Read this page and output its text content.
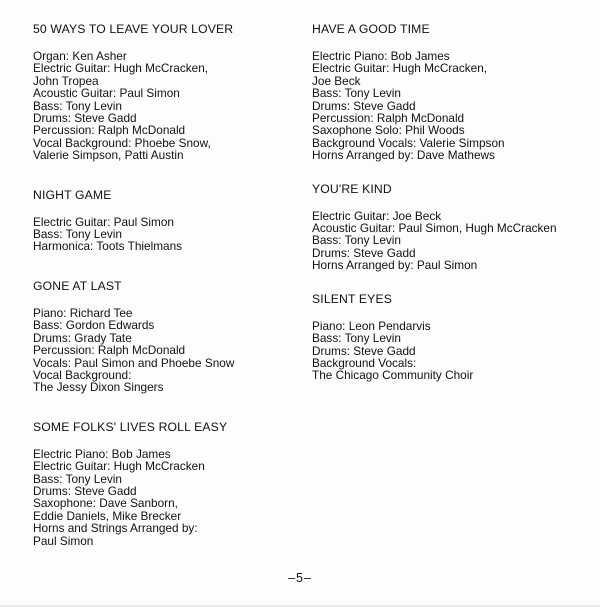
50 WAYS TO LEAVE YOUR LOVER
Organ: Ken Asher
Electric Guitar: Hugh McCracken,
John Tropea
Acoustic Guitar: Paul Simon
Bass: Tony Levin
Drums: Steve Gadd
Percussion: Ralph McDonald
Vocal Background: Phoebe Snow,
Valerie Simpson, Patti Austin
NIGHT GAME
Electric Guitar: Paul Simon
Bass: Tony Levin
Harmonica: Toots Thielmans
GONE AT LAST
Piano: Richard Tee
Bass: Gordon Edwards
Drums: Grady Tate
Percussion: Ralph McDonald
Vocals: Paul Simon and Phoebe Snow
Vocal Background:
The Jessy Dixon Singers
SOME FOLKS' LIVES ROLL EASY
Electric Piano: Bob James
Electric Guitar: Hugh McCracken
Bass: Tony Levin
Drums: Steve Gadd
Saxophone: Dave Sanborn,
Eddie Daniels, Mike Brecker
Horns and Strings Arranged by:
Paul Simon
HAVE A GOOD TIME
Electric Piano: Bob James
Electric Guitar: Hugh McCracken,
Joe Beck
Bass: Tony Levin
Drums: Steve Gadd
Percussion: Ralph McDonald
Saxophone Solo: Phil Woods
Background Vocals: Valerie Simpson
Horns Arranged by: Dave Mathews
YOU'RE KIND
Electric Guitar: Joe Beck
Acoustic Guitar: Paul Simon, Hugh McCracken
Bass: Tony Levin
Drums: Steve Gadd
Horns Arranged by: Paul Simon
SILENT EYES
Piano: Leon Pendarvis
Bass: Tony Levin
Drums: Steve Gadd
Background Vocals:
The Chicago Community Choir
–5–
